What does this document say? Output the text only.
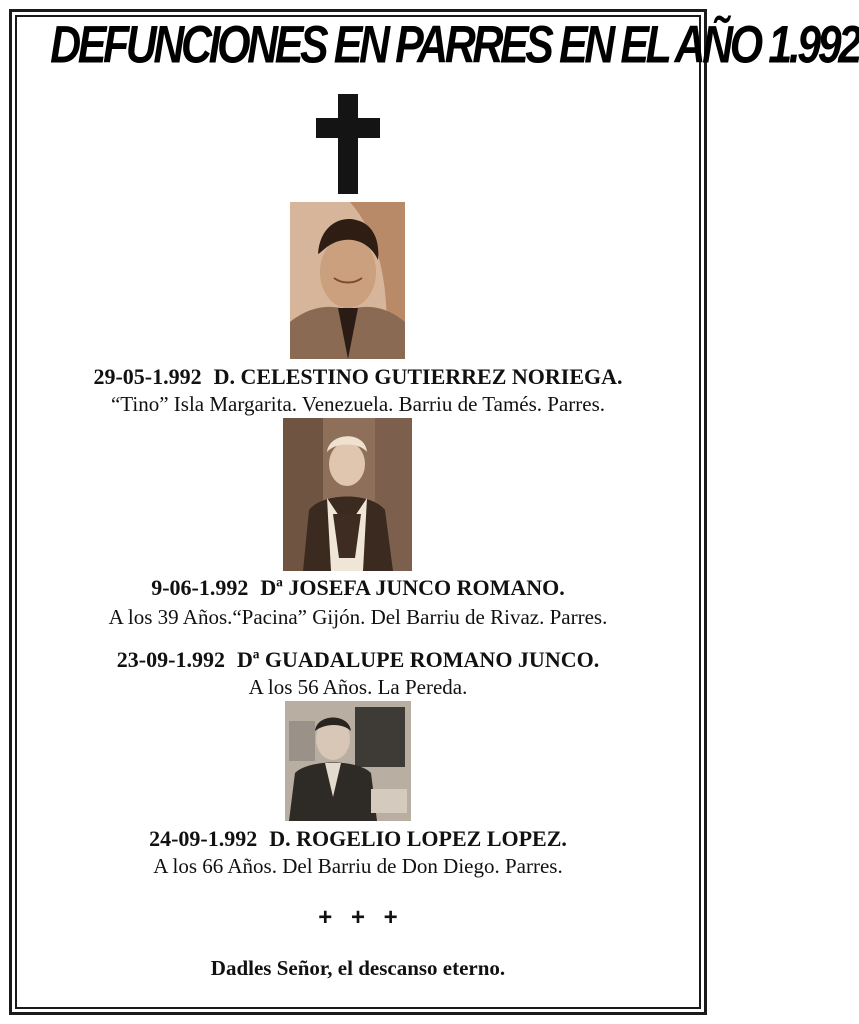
DEFUNCIONES EN PARRES EN EL AÑO 1.992
29-05-1.992 D. CELESTINO GUTIERREZ NORIEGA.
“Tino” Isla Margarita. Venezuela. Barriu de Tamés. Parres.
9-06-1.992 Dª JOSEFA JUNCO ROMANO.
A los 39 Años.“Pacina” Gijón. Del Barriu de Rivaz. Parres.
23-09-1.992 Dª GUADALUPE ROMANO JUNCO.
A los 56 Años. La Pereda.
24-09-1.992 D. ROGELIO LOPEZ LOPEZ.
A los 66 Años. Del Barriu de Don Diego. Parres.
+ + +
Dadles Señor, el descanso eterno.
